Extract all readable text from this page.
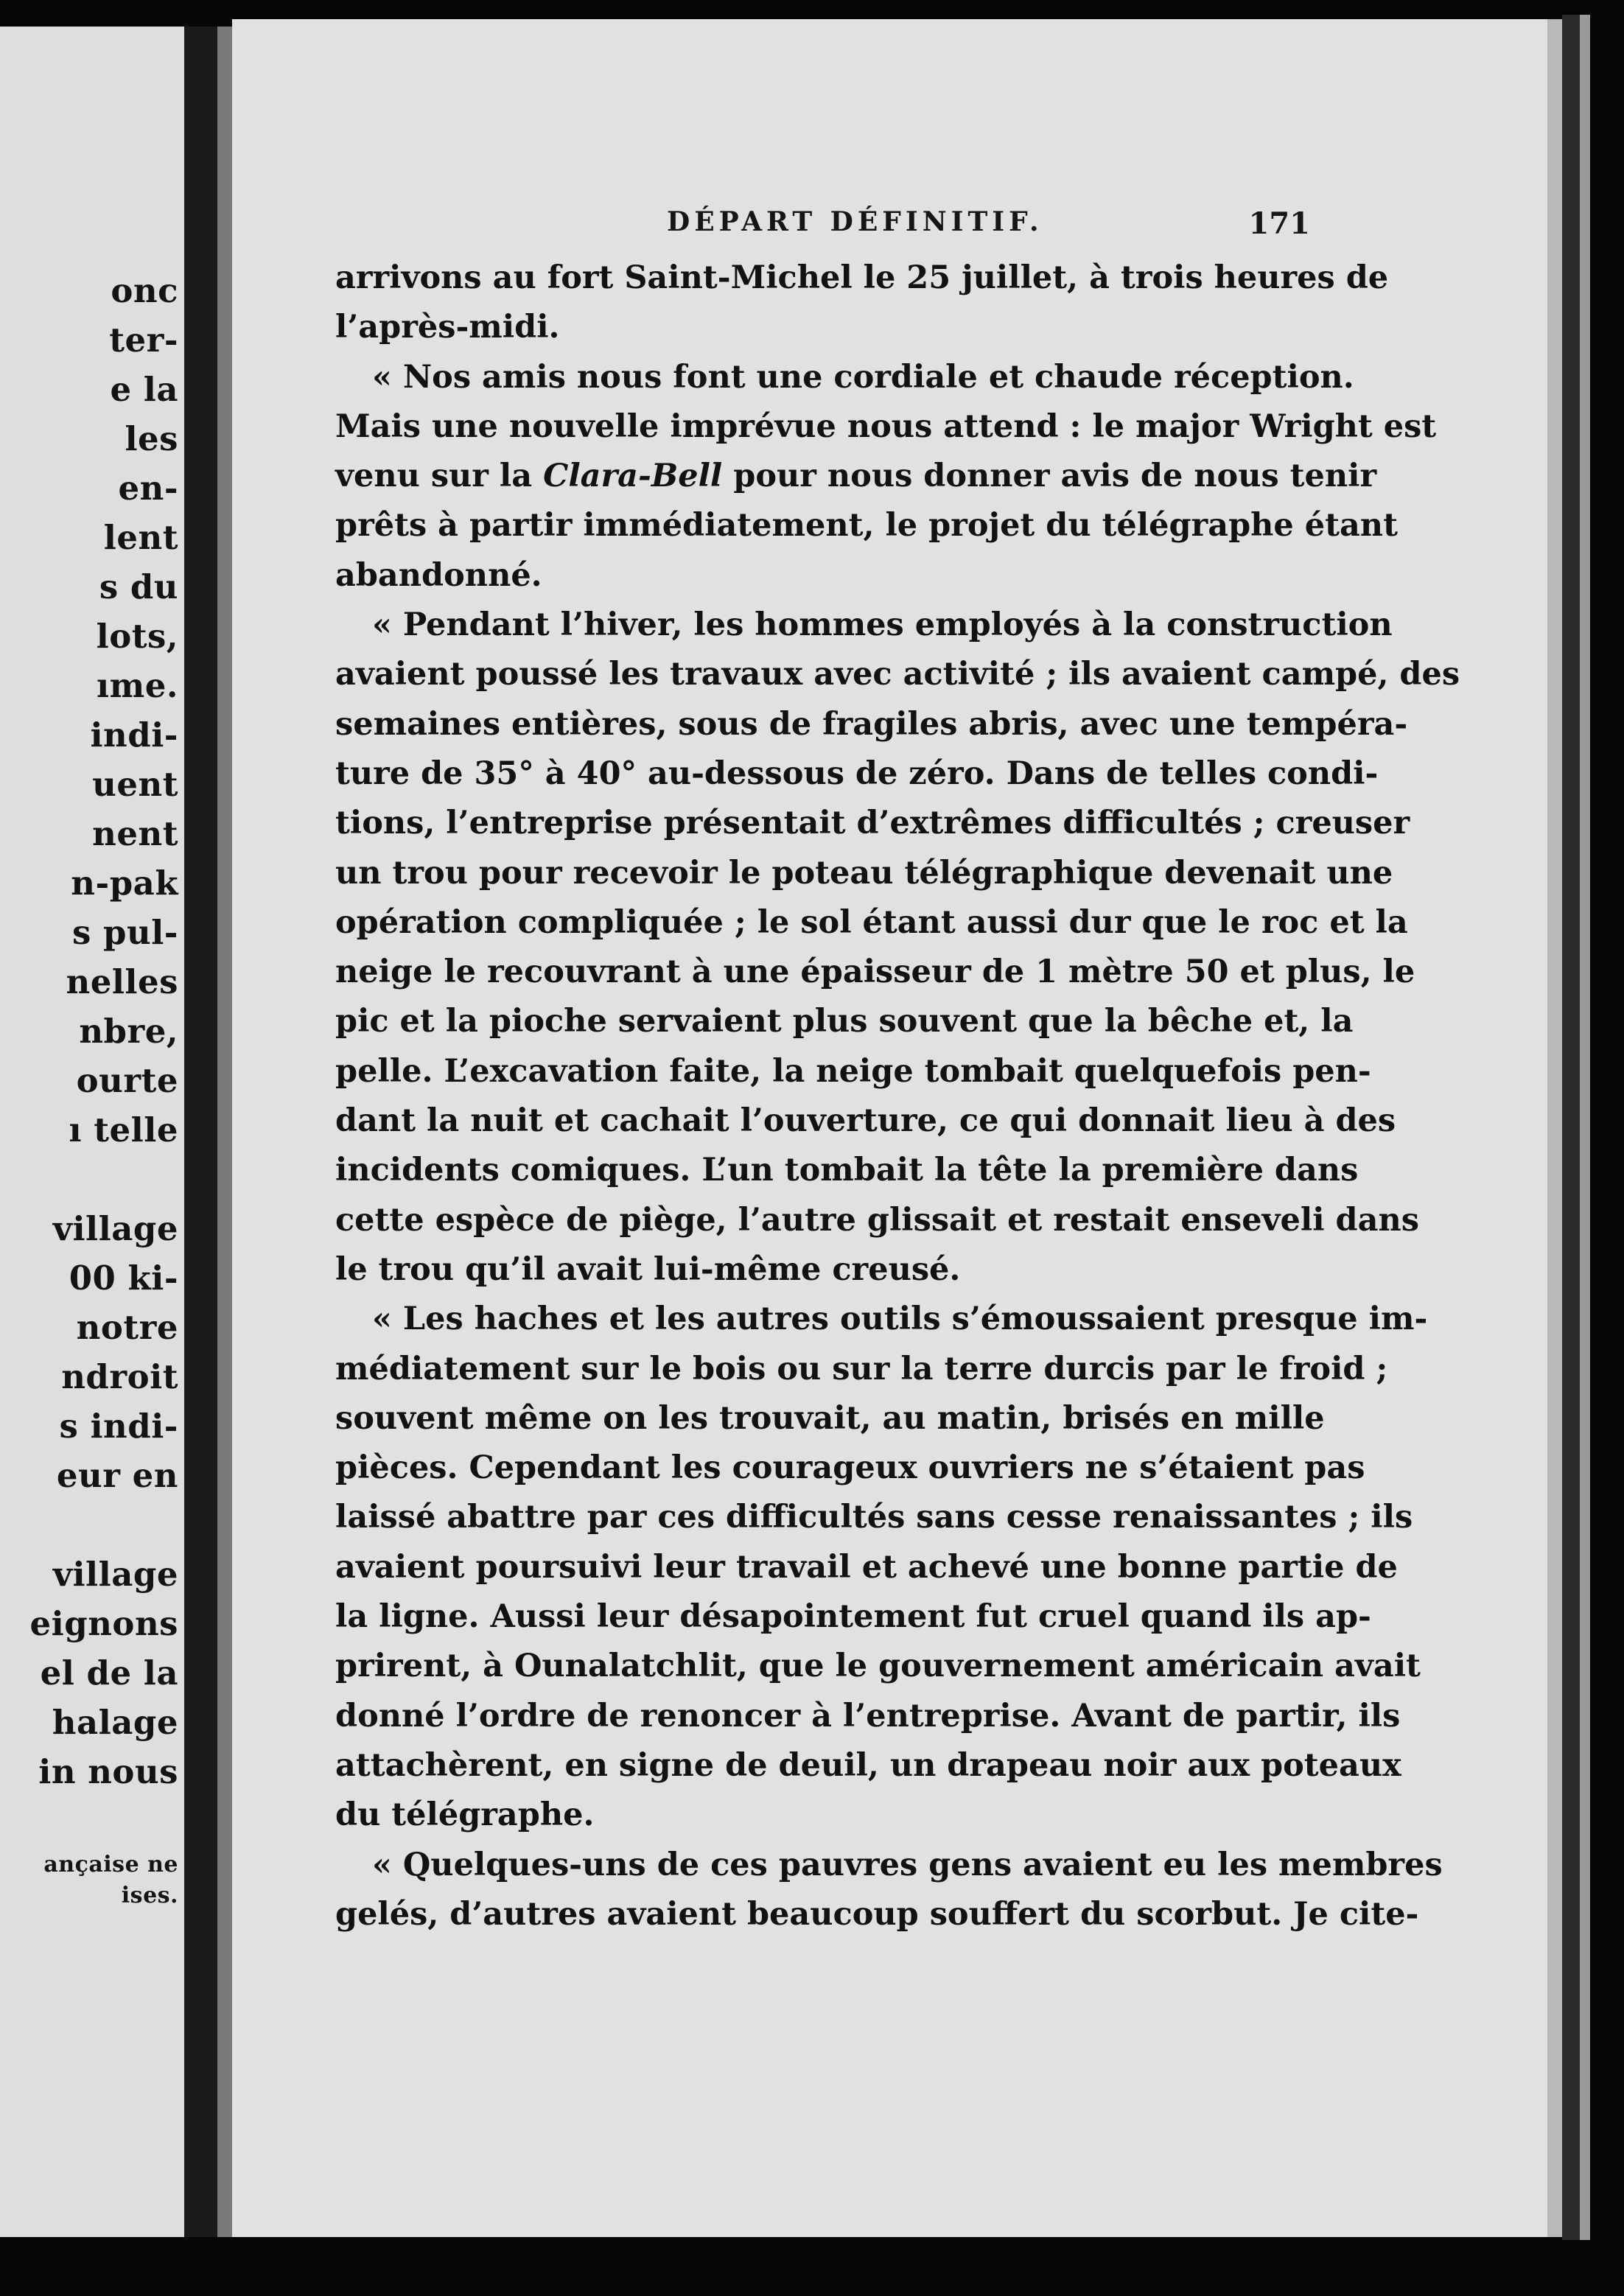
onc
ter-
e la
les
en-
lent
s du
lots,
ıme.
indi-
uent
nent
n-pak
s pul-
nelles
nbre,
ourte
ı telle
village
00 ki-
notre
ndroit
s indi-
eur en
village
eignons
el de la
halage
in nous
ançaise ne
ises.
DÉPART DÉFINITIF.	171
arrivons au fort Saint-Michel le 25 juillet, à trois heures de
l’après-midi.
« Nos amis nous font une cordiale et chaude réception.
Mais une nouvelle imprévue nous attend : le major Wright est
venu sur la Clara-Bell pour nous donner avis de nous tenir
prêts à partir immédiatement, le projet du télégraphe étant
abandonné.
« Pendant l’hiver, les hommes employés à la construction
avaient poussé les travaux avec activité ; ils avaient campé, des
semaines entières, sous de fragiles abris, avec une tempéra-
ture de 35° à 40° au-dessous de zéro. Dans de telles condi-
tions, l’entreprise présentait d’extrêmes difficultés ; creuser
un trou pour recevoir le poteau télégraphique devenait une
opération compliquée ; le sol étant aussi dur que le roc et la
neige le recouvrant à une épaisseur de 1 mètre 50 et plus, le
pic et la pioche servaient plus souvent que la bêche et, la
pelle. L’excavation faite, la neige tombait quelquefois pen-
dant la nuit et cachait l’ouverture, ce qui donnait lieu à des
incidents comiques. L’un tombait la tête la première dans
cette espèce de piège, l’autre glissait et restait enseveli dans
le trou qu’il avait lui-même creusé.
« Les haches et les autres outils s’émoussaient presque im-
médiatement sur le bois ou sur la terre durcis par le froid ;
souvent même on les trouvait, au matin, brisés en mille
pièces. Cependant les courageux ouvriers ne s’étaient pas
laissé abattre par ces difficultés sans cesse renaissantes ; ils
avaient poursuivi leur travail et achevé une bonne partie de
la ligne. Aussi leur désapointement fut cruel quand ils ap-
prirent, à Ounalatchlit, que le gouvernement américain avait
donné l’ordre de renoncer à l’entreprise. Avant de partir, ils
attachèrent, en signe de deuil, un drapeau noir aux poteaux
du télégraphe.
« Quelques-uns de ces pauvres gens avaient eu les membres
gelés, d’autres avaient beaucoup souffert du scorbut. Je cite-
